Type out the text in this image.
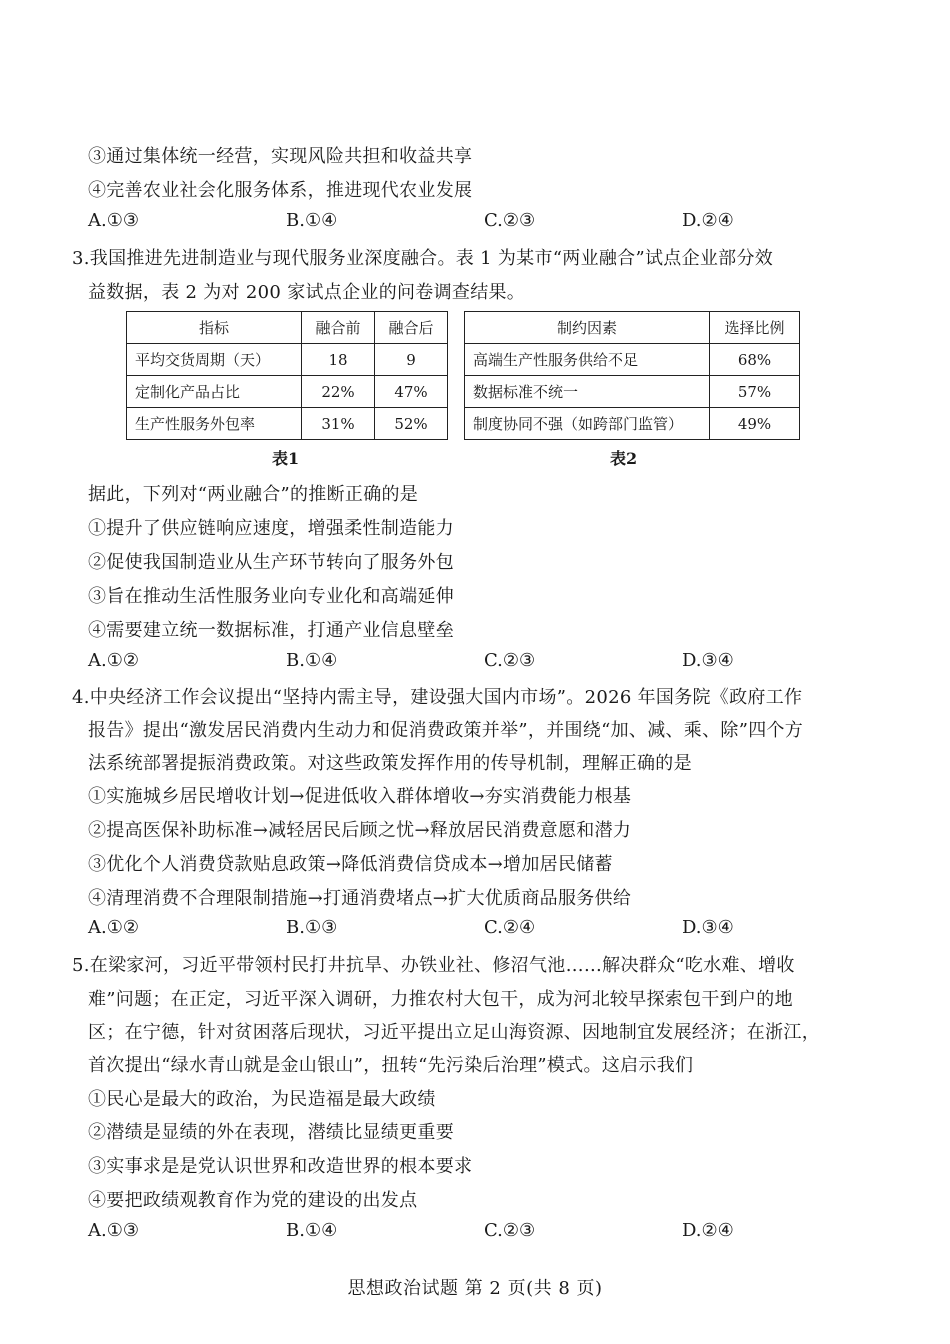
③通过集体统一经营，实现风险共担和收益共享
④完善农业社会化服务体系，推进现代农业发展
A.①③	B.①④	C.②③	D.②④
3.我国推进先进制造业与现代服务业深度融合。表 1 为某市“两业融合”试点企业部分效
益数据，表 2 为对 200 家试点企业的问卷调查结果。
指标	融合前	融合后
平均交货周期（天）	18	9
定制化产品占比	22%	47%
生产性服务外包率	31%	52%
表1
制约因素	选择比例
高端生产性服务供给不足	68%
数据标准不统一	57%
制度协同不强（如跨部门监管）	49%
表2
据此，下列对“两业融合”的推断正确的是
①提升了供应链响应速度，增强柔性制造能力
②促使我国制造业从生产环节转向了服务外包
③旨在推动生活性服务业向专业化和高端延伸
④需要建立统一数据标准，打通产业信息壁垒
A.①②	B.①④	C.②③	D.③④
4.中央经济工作会议提出“坚持内需主导，建设强大国内市场”。2026 年国务院《政府工作
报告》提出“激发居民消费内生动力和促消费政策并举”，并围绕“加、减、乘、除”四个方
法系统部署提振消费政策。对这些政策发挥作用的传导机制，理解正确的是
①实施城乡居民增收计划→促进低收入群体增收→夯实消费能力根基
②提高医保补助标准→减轻居民后顾之忧→释放居民消费意愿和潜力
③优化个人消费贷款贴息政策→降低消费信贷成本→增加居民储蓄
④清理消费不合理限制措施→打通消费堵点→扩大优质商品服务供给
A.①②	B.①③	C.②④	D.③④
5.在梁家河，习近平带领村民打井抗旱、办铁业社、修沼气池……解决群众“吃水难、增收
难”问题；在正定，习近平深入调研，力推农村大包干，成为河北较早探索包干到户的地
区；在宁德，针对贫困落后现状，习近平提出立足山海资源、因地制宜发展经济；在浙江，
首次提出“绿水青山就是金山银山”，扭转“先污染后治理”模式。这启示我们
①民心是最大的政治，为民造福是最大政绩
②潜绩是显绩的外在表现，潜绩比显绩更重要
③实事求是是党认识世界和改造世界的根本要求
④要把政绩观教育作为党的建设的出发点
A.①③	B.①④	C.②③	D.②④
思想政治试题 第 2 页(共 8 页)
